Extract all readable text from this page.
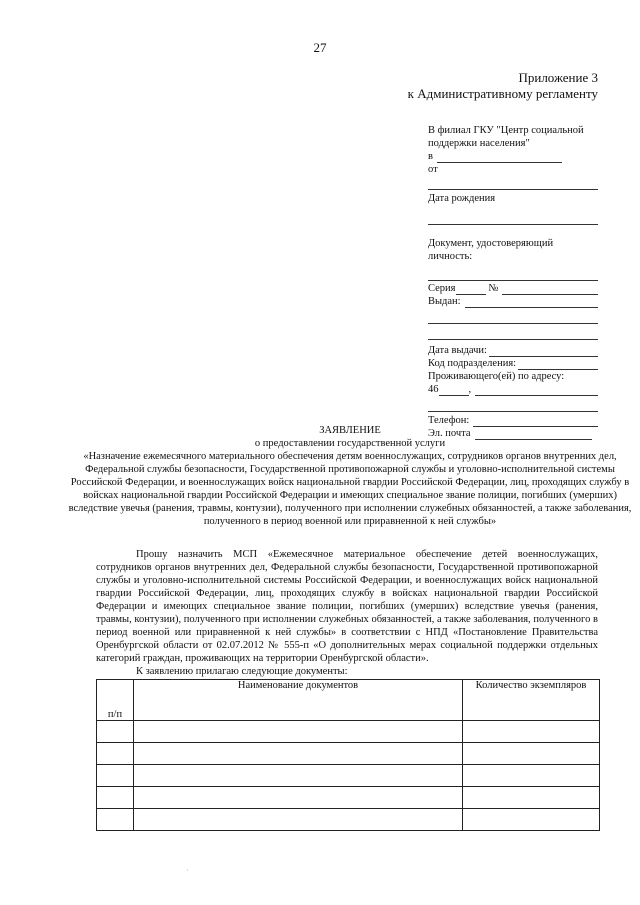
27
Приложение 3
к Административному регламенту
В филиал ГКУ "Центр социальной поддержки населения"
в
от
Дата рождения
Документ, удостоверяющий личность:
Серия	№
Выдан:
Дата выдачи:
Код подразделения:
Проживающего(ей) по адресу:
46	,
Телефон:
Эл. почта
ЗАЯВЛЕНИЕ
о предоставлении государственной услуги
«Назначение ежемесячного материального обеспечения детям военнослужащих, сотрудников органов внутренних дел, Федеральной службы безопасности, Государственной противопожарной службы и уголовно-исполнительной системы Российской Федерации, и военнослужащих войск национальной гвардии Российской Федерации, лиц, проходящих службу в войсках национальной гвардии Российской Федерации и имеющих специальное звание полиции, погибших (умерших) вследствие увечья (ранения, травмы, контузии), полученного при исполнении служебных обязанностей, а также заболевания, полученного в период военной или приравненной к ней службы»

Прошу назначить МСП «Ежемесячное материальное обеспечение детей военнослужащих, сотрудников органов внутренних дел, Федеральной службы безопасности, Государственной противопожарной службы и уголовно-исполнительной системы Российской Федерации, и военнослужащих войск национальной гвардии Российской Федерации, лиц, проходящих службу в войсках национальной гвардии Российской Федерации и имеющих специальное звание полиции, погибших (умерших) вследствие увечья (ранения, травмы, контузии), полученного при исполнении служебных обязанностей, а также заболевания, полученного в период военной или приравненной к ней службы» в соответствии с НПД «Постановление Правительства Оренбургской области от 02.07.2012 № 555-п «О дополнительных мерах социальной поддержки отдельных категорий граждан, проживающих на территории Оренбургской области».

К заявлению прилагаю следующие документы:

п/п	Наименование документов	Количество экземпляров

·
